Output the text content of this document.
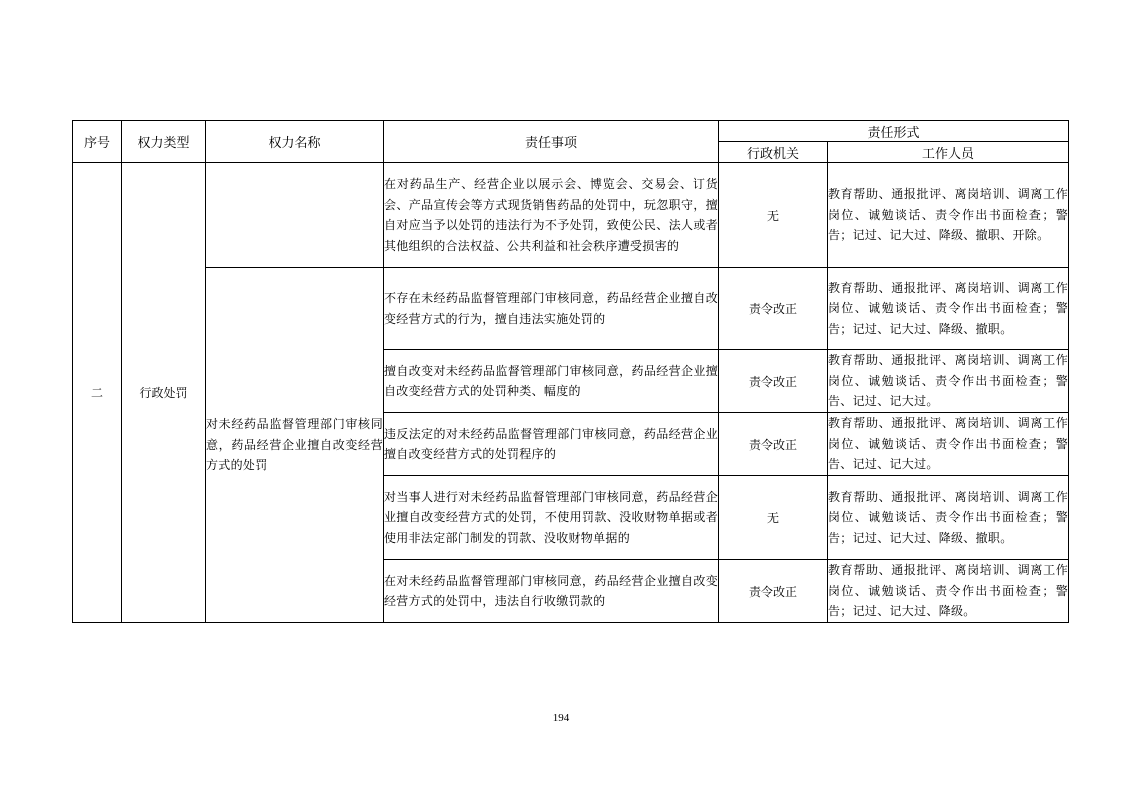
序号	权力类型	权力名称	责任事项	责任形式	
				行政机关	工作人员
二	行政处罚		在对药品生产、经营企业以展示会、博览会、交易会、订货会、产品宣传会等方式现货销售药品的处罚中，玩忽职守，擅自对应当予以处罚的违法行为不予处罚，致使公民、法人或者其他组织的合法权益、公共利益和社会秩序遭受损害的	无	教育帮助、通报批评、离岗培训、调离工作岗位、诚勉谈话、责令作出书面检查；警告；记过、记大过、降级、撤职、开除。
		对未经药品监督管理部门审核同意，药品经营企业擅自改变经营方式的处罚	不存在未经药品监督管理部门审核同意，药品经营企业擅自改变经营方式的行为，擅自违法实施处罚的	责令改正	教育帮助、通报批评、离岗培训、调离工作岗位、诚勉谈话、责令作出书面检查；警告；记过、记大过、降级、撤职。
			擅自改变对未经药品监督管理部门审核同意，药品经营企业擅自改变经营方式的处罚种类、幅度的	责令改正	教育帮助、通报批评、离岗培训、调离工作岗位、诚勉谈话、责令作出书面检查；警告、记过、记大过。
			违反法定的对未经药品监督管理部门审核同意，药品经营企业擅自改变经营方式的处罚程序的	责令改正	教育帮助、通报批评、离岗培训、调离工作岗位、诚勉谈话、责令作出书面检查；警告、记过、记大过。
			对当事人进行对未经药品监督管理部门审核同意，药品经营企业擅自改变经营方式的处罚，不使用罚款、没收财物单据或者使用非法定部门制发的罚款、没收财物单据的	无	教育帮助、通报批评、离岗培训、调离工作岗位、诚勉谈话、责令作出书面检查；警告；记过、记大过、降级、撤职。
			在对未经药品监督管理部门审核同意，药品经营企业擅自改变经营方式的处罚中，违法自行收缴罚款的	责令改正	教育帮助、通报批评、离岗培训、调离工作岗位、诚勉谈话、责令作出书面检查；警告；记过、记大过、降级。
194
